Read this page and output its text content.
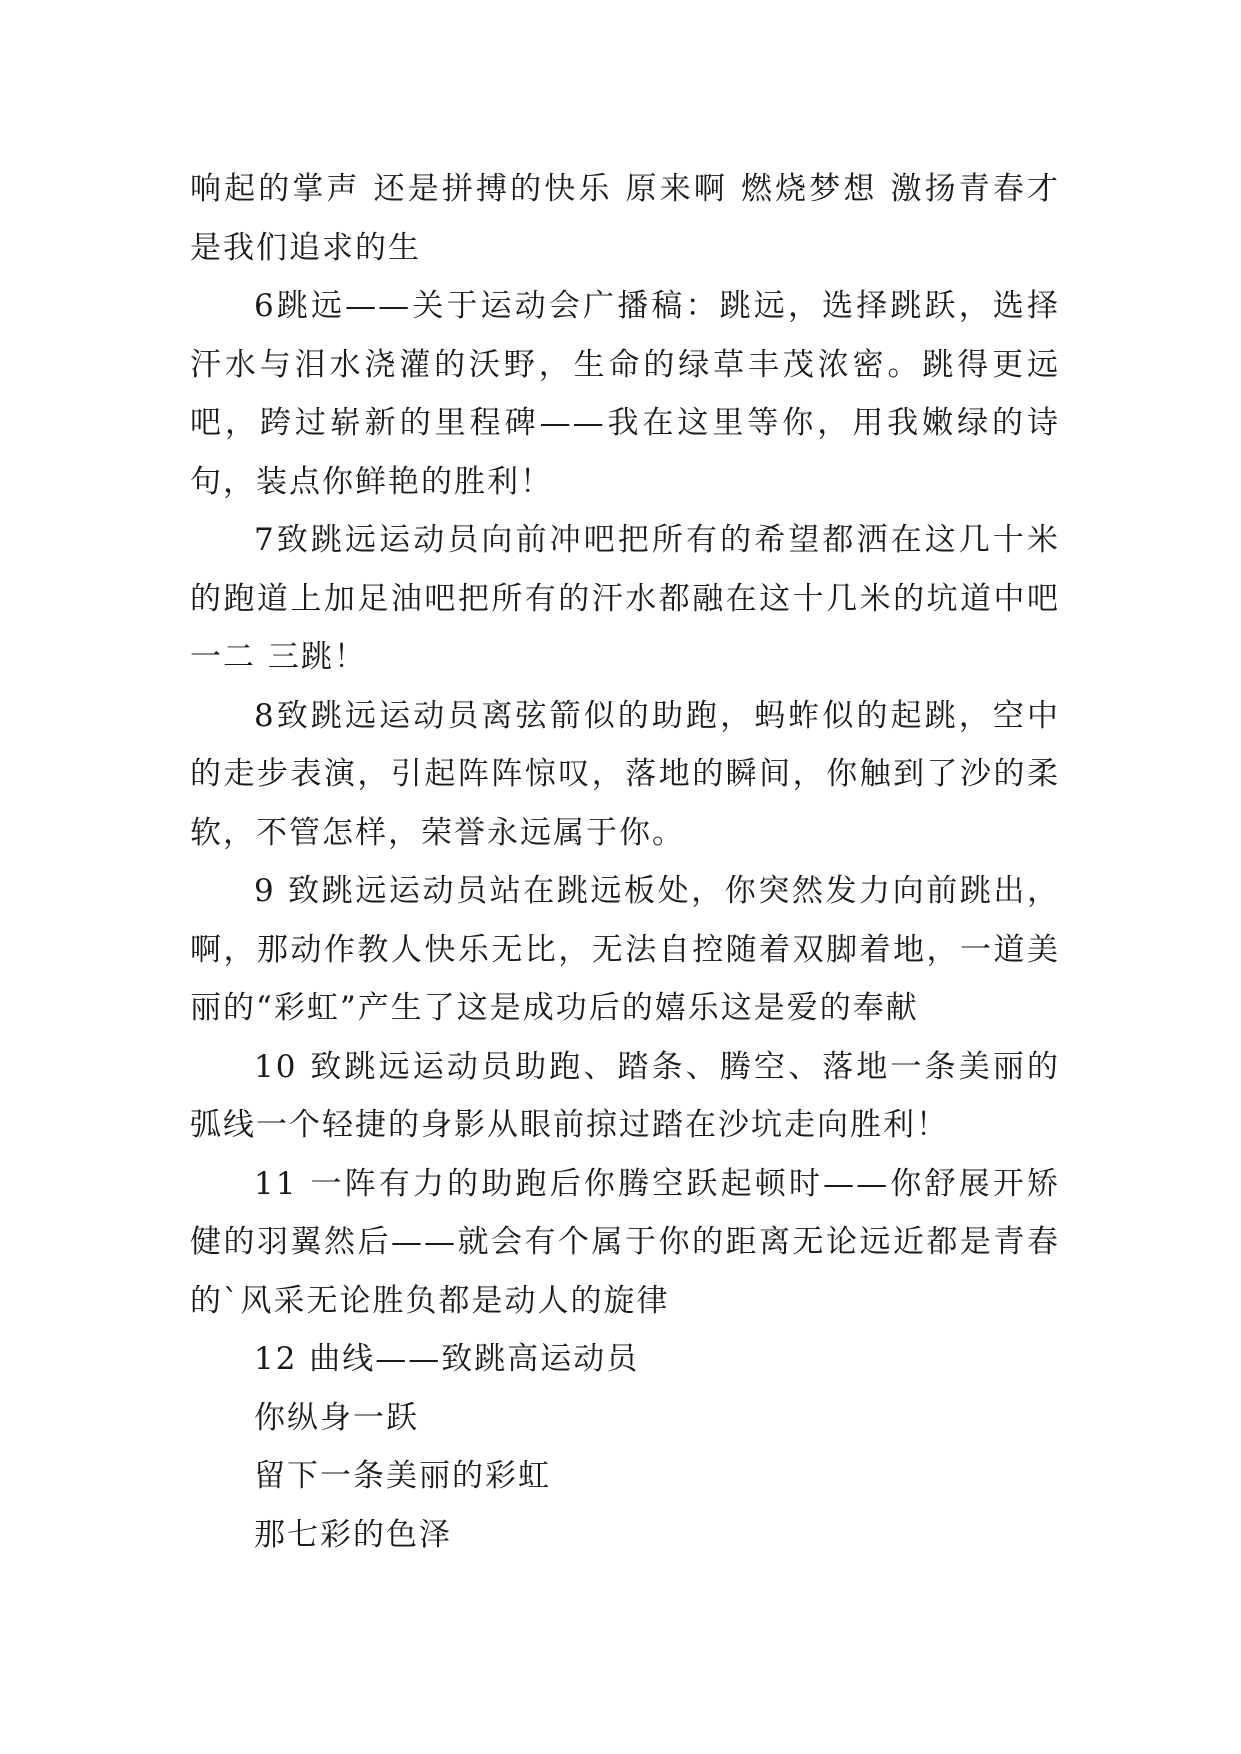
响起的掌声 还是拼搏的快乐 原来啊 燃烧梦想 激扬青春才是我们追求的生

6跳远——关于运动会广播稿：跳远，选择跳跃，选择汗水与泪水浇灌的沃野，生命的绿草丰茂浓密。跳得更远吧，跨过崭新的里程碑——我在这里等你，用我嫩绿的诗句，装点你鲜艳的胜利！

7致跳远运动员向前冲吧把所有的希望都洒在这几十米的跑道上加足油吧把所有的汗水都融在这十几米的坑道中吧一二 三跳！

8致跳远运动员离弦箭似的助跑，蚂蚱似的起跳，空中的走步表演，引起阵阵惊叹，落地的瞬间，你触到了沙的柔软，不管怎样，荣誉永远属于你。

9 致跳远运动员站在跳远板处，你突然发力向前跳出，啊，那动作教人快乐无比，无法自控随着双脚着地，一道美丽的“彩虹”产生了这是成功后的嬉乐这是爱的奉献

10 致跳远运动员助跑、踏条、腾空、落地一条美丽的弧线一个轻捷的身影从眼前掠过踏在沙坑走向胜利！

11 一阵有力的助跑后你腾空跃起顿时——你舒展开矫健的羽翼然后——就会有个属于你的距离无论远近都是青春的`风采无论胜负都是动人的旋律

12 曲线——致跳高运动员

你纵身一跃

留下一条美丽的彩虹

那七彩的色泽
